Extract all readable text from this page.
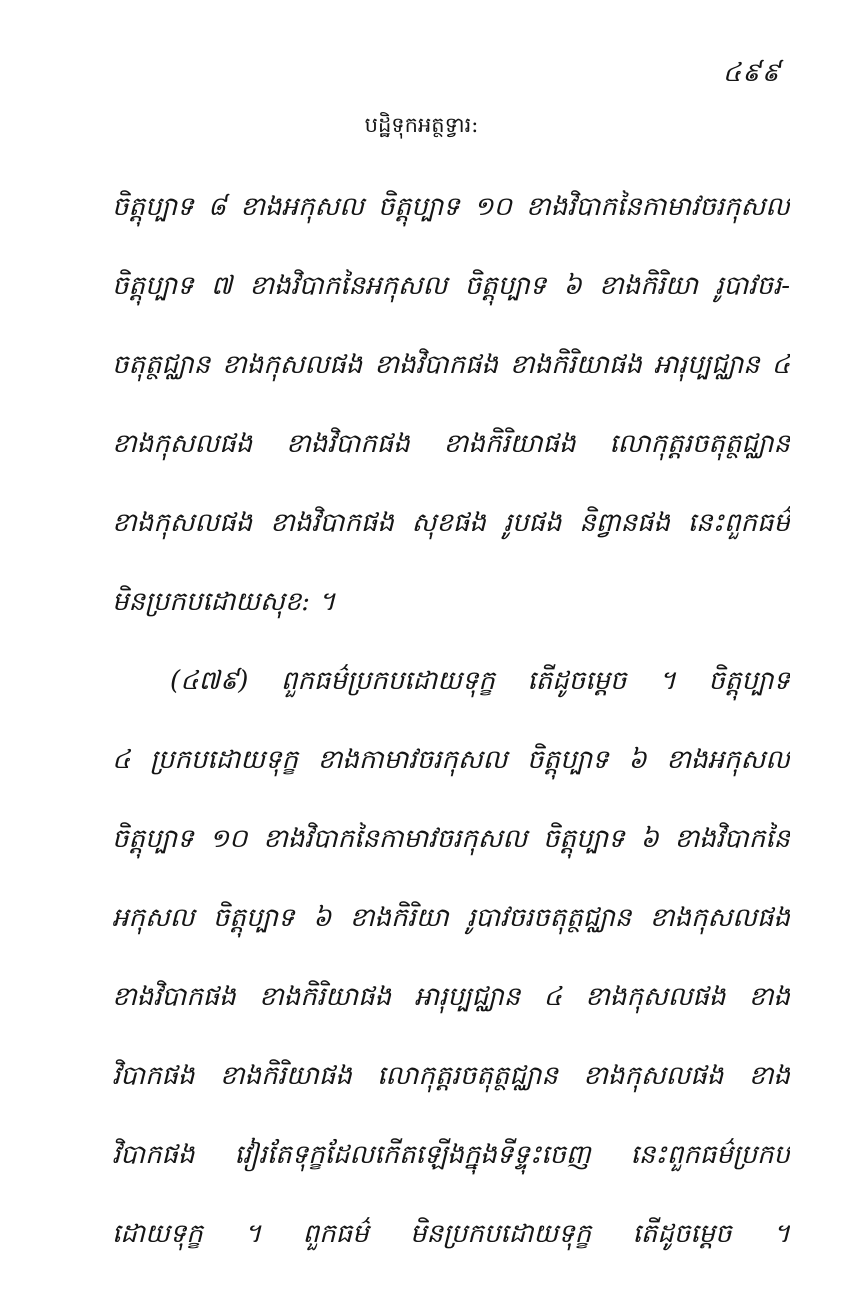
៤៩៩
បដ្ឋិទុកអត្ថទ្វារ:
ចិត្តុប្បាទ ៨ ខាងអកុសល ចិត្តុប្បាទ ១០ ខាងវិបាកនៃកាមាវចរកុសល
ចិត្តុប្បាទ ៧ ខាងវិបាកនៃអកុសល ចិត្តុប្បាទ ៦ ខាងកិរិយា រូបាវចរ-
ចតុត្ថជ្ឈាន ខាងកុសលផង ខាងវិបាកផង ខាងកិរិយាផង អារុប្បជ្ឈាន ៤
ខាងកុសលផង ខាងវិបាកផង ខាងកិរិយាផង លោកុត្តរចតុត្ថជ្ឈាន
ខាងកុសលផង ខាងវិបាកផង សុខផង រូបផង និព្វានផង នេះពួកធម៌
មិនប្រកបដោយសុខ: ។
(៤៧៩) ពួកធម៌ប្រកបដោយទុក្ខ តើដូចម្តេច ។ ចិត្តុប្បាទ
៤ ប្រកបដោយទុក្ខ ខាងកាមាវចរកុសល ចិត្តុប្បាទ ៦ ខាងអកុសល
ចិត្តុប្បាទ ១០ ខាងវិបាកនៃកាមាវចរកុសល ចិត្តុប្បាទ ៦ ខាងវិបាកនៃ
អកុសល ចិត្តុប្បាទ ៦ ខាងកិរិយា រូបាវចរចតុត្ថជ្ឈាន ខាងកុសលផង
ខាងវិបាកផង ខាងកិរិយាផង អារុប្បជ្ឈាន ៤ ខាងកុសលផង ខាង
វិបាកផង ខាងកិរិយាផង លោកុត្តរចតុត្ថជ្ឈាន ខាងកុសលផង ខាង
វិបាកផង វៀរតែទុក្ខដែលកើតឡើងក្នុងទីទ្ទុះចេញ នេះពួកធម៌ប្រកប
ដោយទុក្ខ ។ ពួកធម៌ មិនប្រកបដោយទុក្ខ តើដូចម្តេច ។
